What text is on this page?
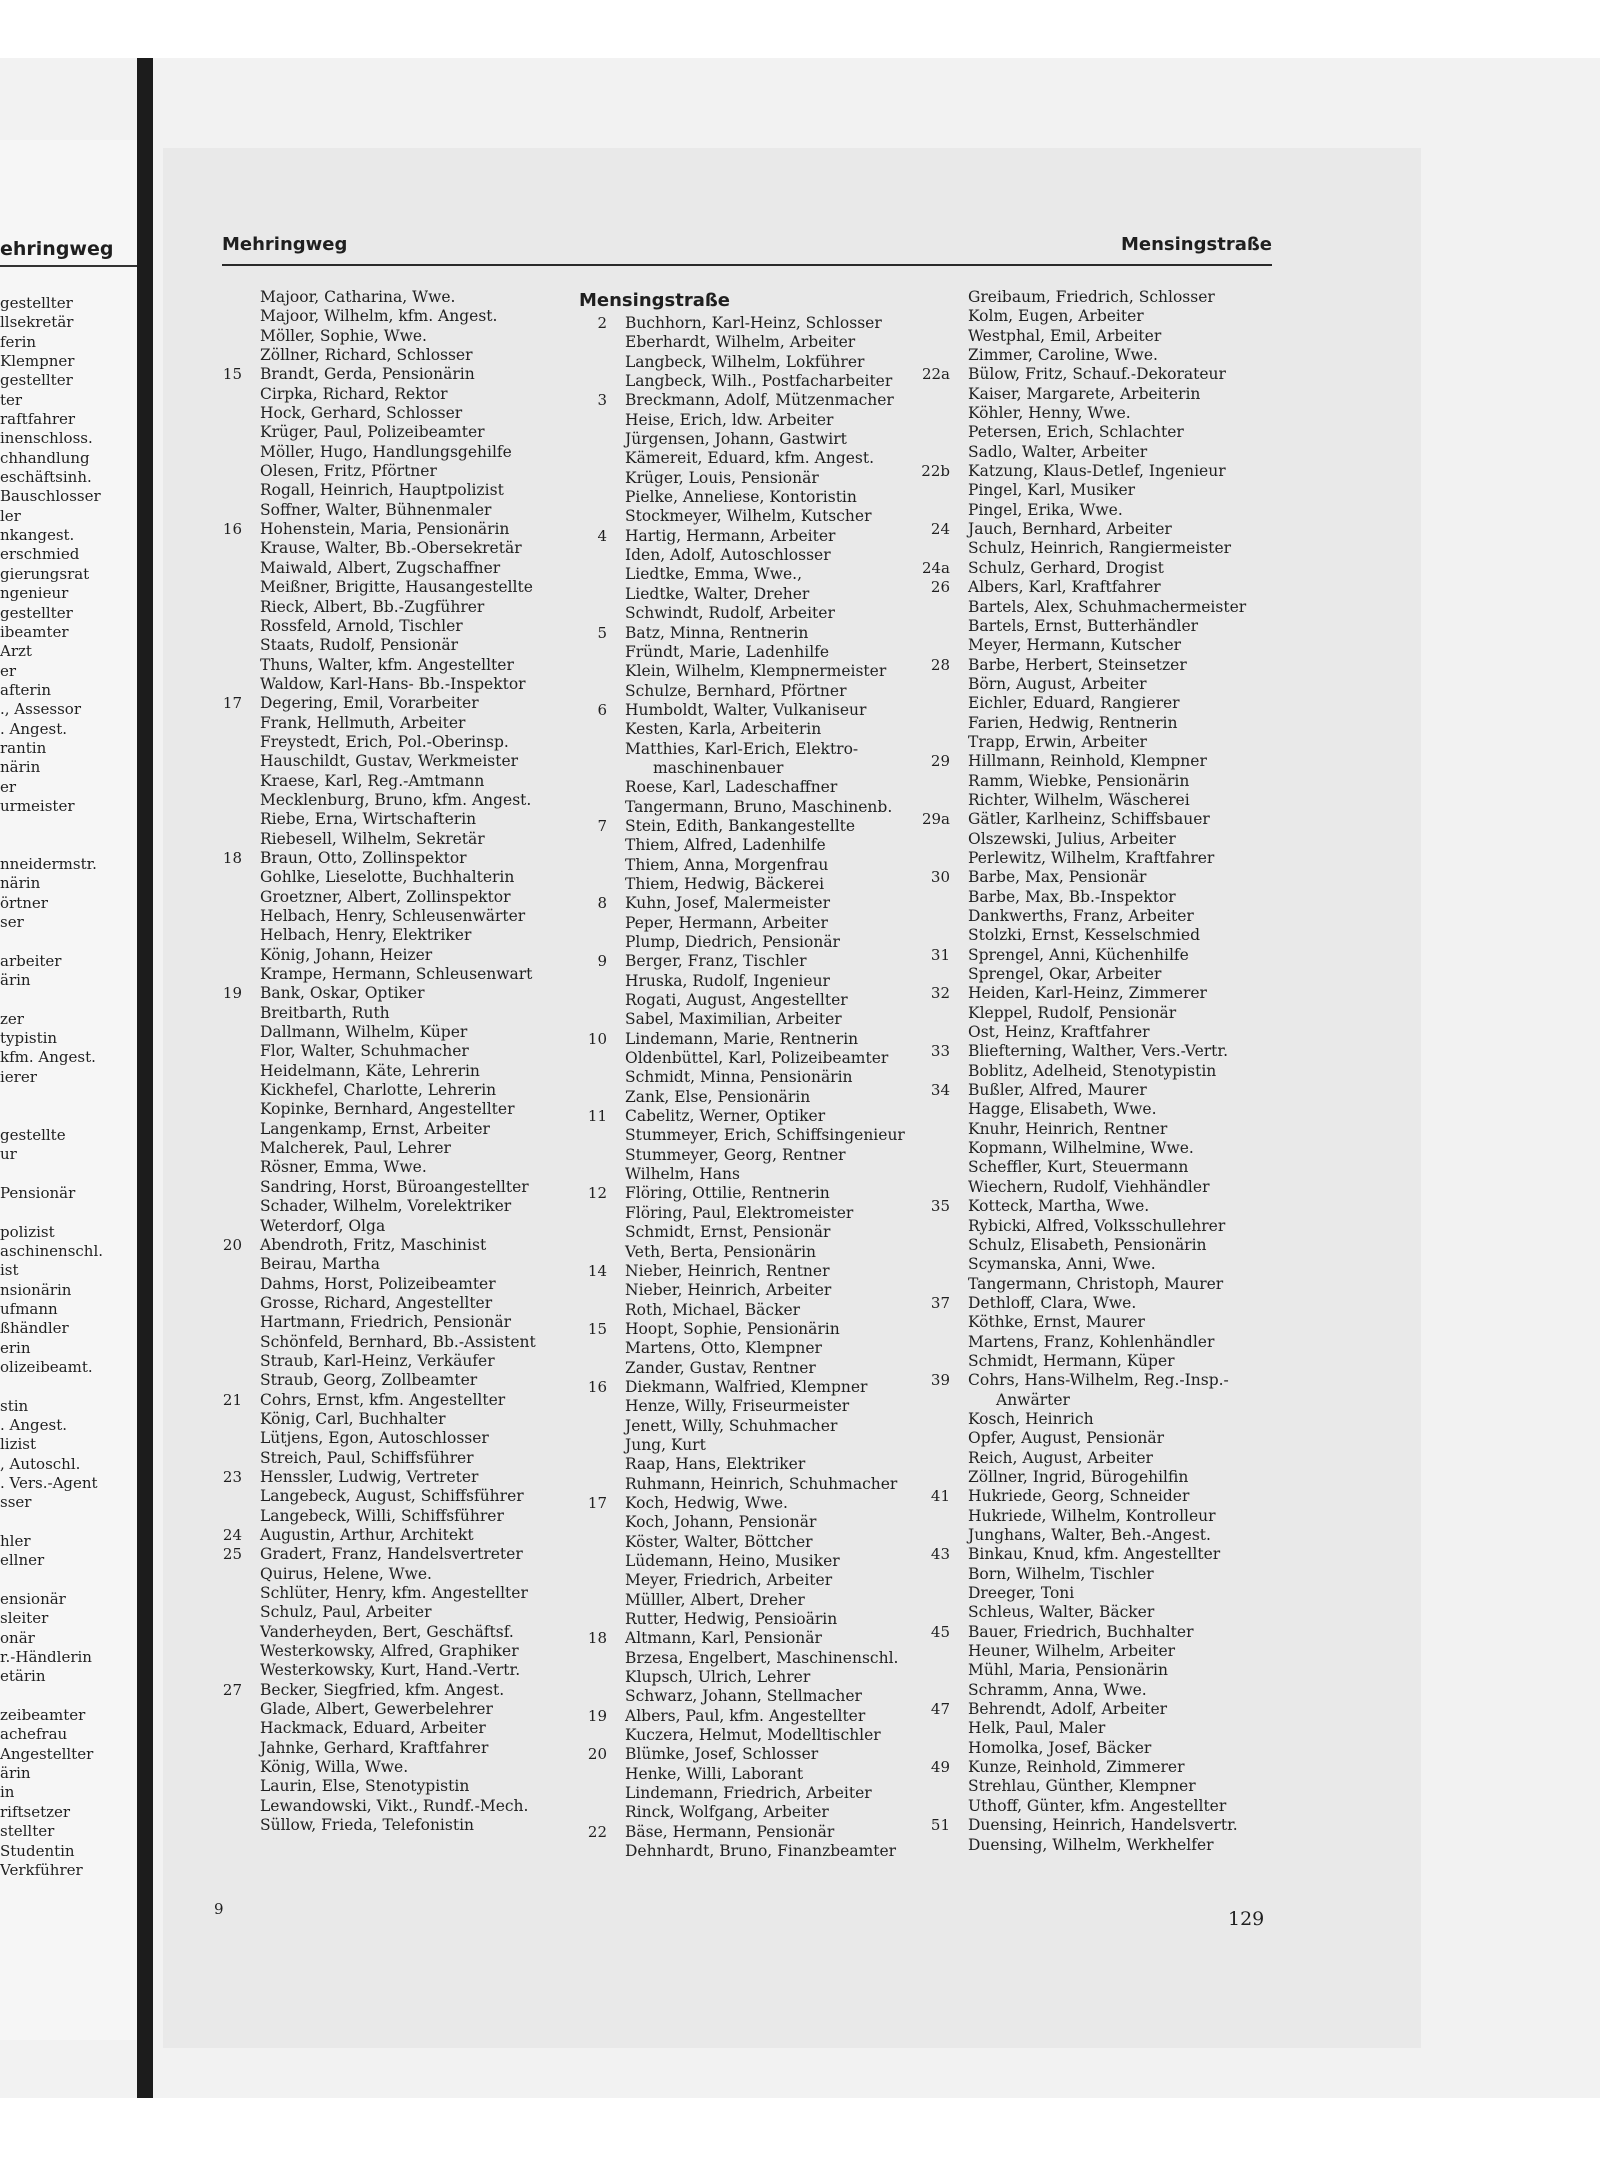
ehringweg
gestellter
llsekretär
ferin
Klempner
gestellter
ter
raftfahrer
inenschloss.
chhandlung
eschäftsinh.
Bauschlosser
ler
nkangest.
erschmied
gierungsrat
ngenieur
gestellter
ibeamter
Arzt
er
afterin
., Assessor
. Angest.
rantin
närin
er
urmeister
nneidermstr.
närin
örtner
ser
arbeiter
ärin
zer
typistin
kfm. Angest.
ierer
gestellte
ur
Pensionär
polizist
aschinenschl.
ist
nsionärin
ufmann
ßhändler
erin
olizeibeamt.
stin
. Angest.
lizist
, Autoschl.
. Vers.-Agent
sser
hler
ellner
ensionär
sleiter
onär
r.-Händlerin
etärin
zeibeamter
achefrau
Angestellter
ärin
in
riftsetzer
stellter
Studentin
Verkführer
Mehringweg	Mensingstraße
Majoor, Catharina, Wwe.
Majoor, Wilhelm, kfm. Angest.
Möller, Sophie, Wwe.
Zöllner, Richard, Schlosser
15 Brandt, Gerda, Pensionärin
Cirpka, Richard, Rektor
Hock, Gerhard, Schlosser
Krüger, Paul, Polizeibeamter
Möller, Hugo, Handlungsgehilfe
Olesen, Fritz, Pförtner
Rogall, Heinrich, Hauptpolizist
Soffner, Walter, Bühnenmaler
16 Hohenstein, Maria, Pensionärin
Krause, Walter, Bb.-Obersekretär
Maiwald, Albert, Zugschaffner
Meißner, Brigitte, Hausangestellte
Rieck, Albert, Bb.-Zugführer
Rossfeld, Arnold, Tischler
Staats, Rudolf, Pensionär
Thuns, Walter, kfm. Angestellter
Waldow, Karl-Hans- Bb.-Inspektor
17 Degering, Emil, Vorarbeiter
Frank, Hellmuth, Arbeiter
Freystedt, Erich, Pol.-Oberinsp.
Hauschildt, Gustav, Werkmeister
Kraese, Karl, Reg.-Amtmann
Mecklenburg, Bruno, kfm. Angest.
Riebe, Erna, Wirtschafterin
Riebesell, Wilhelm, Sekretär
18 Braun, Otto, Zollinspektor
Gohlke, Lieselotte, Buchhalterin
Groetzner, Albert, Zollinspektor
Helbach, Henry, Schleusenwärter
Helbach, Henry, Elektriker
König, Johann, Heizer
Krampe, Hermann, Schleusenwart
19 Bank, Oskar, Optiker
Breitbarth, Ruth
Dallmann, Wilhelm, Küper
Flor, Walter, Schuhmacher
Heidelmann, Käte, Lehrerin
Kickhefel, Charlotte, Lehrerin
Kopinke, Bernhard, Angestellter
Langenkamp, Ernst, Arbeiter
Malcherek, Paul, Lehrer
Rösner, Emma, Wwe.
Sandring, Horst, Büroangestellter
Schader, Wilhelm, Vorelektriker
Weterdorf, Olga
20 Abendroth, Fritz, Maschinist
Beirau, Martha
Dahms, Horst, Polizeibeamter
Grosse, Richard, Angestellter
Hartmann, Friedrich, Pensionär
Schönfeld, Bernhard, Bb.-Assistent
Straub, Karl-Heinz, Verkäufer
Straub, Georg, Zollbeamter
21 Cohrs, Ernst, kfm. Angestellter
König, Carl, Buchhalter
Lütjens, Egon, Autoschlosser
Streich, Paul, Schiffsführer
23 Henssler, Ludwig, Vertreter
Langebeck, August, Schiffsführer
Langebeck, Willi, Schiffsführer
24 Augustin, Arthur, Architekt
25 Gradert, Franz, Handelsvertreter
Quirus, Helene, Wwe.
Schlüter, Henry, kfm. Angestellter
Schulz, Paul, Arbeiter
Vanderheyden, Bert, Geschäftsf.
Westerkowsky, Alfred, Graphiker
Westerkowsky, Kurt, Hand.-Vertr.
27 Becker, Siegfried, kfm. Angest.
Glade, Albert, Gewerbelehrer
Hackmack, Eduard, Arbeiter
Jahnke, Gerhard, Kraftfahrer
König, Willa, Wwe.
Laurin, Else, Stenotypistin
Lewandowski, Vikt., Rundf.-Mech.
Süllow, Frieda, Telefonistin
Mensingstraße
2 Buchhorn, Karl-Heinz, Schlosser
Eberhardt, Wilhelm, Arbeiter
Langbeck, Wilhelm, Lokführer
Langbeck, Wilh., Postfacharbeiter
3 Breckmann, Adolf, Mützenmacher
Heise, Erich, ldw. Arbeiter
Jürgensen, Johann, Gastwirt
Kämereit, Eduard, kfm. Angest.
Krüger, Louis, Pensionär
Pielke, Anneliese, Kontoristin
Stockmeyer, Wilhelm, Kutscher
4 Hartig, Hermann, Arbeiter
Iden, Adolf, Autoschlosser
Liedtke, Emma, Wwe.,
Liedtke, Walter, Dreher
Schwindt, Rudolf, Arbeiter
5 Batz, Minna, Rentnerin
Fründt, Marie, Ladenhilfe
Klein, Wilhelm, Klempnermeister
Schulze, Bernhard, Pförtner
6 Humboldt, Walter, Vulkaniseur
Kesten, Karla, Arbeiterin
Matthies, Karl-Erich, Elektro-
maschinenbauer
Roese, Karl, Ladeschaffner
Tangermann, Bruno, Maschinenb.
7 Stein, Edith, Bankangestellte
Thiem, Alfred, Ladenhilfe
Thiem, Anna, Morgenfrau
Thiem, Hedwig, Bäckerei
8 Kuhn, Josef, Malermeister
Peper, Hermann, Arbeiter
Plump, Diedrich, Pensionär
9 Berger, Franz, Tischler
Hruska, Rudolf, Ingenieur
Rogati, August, Angestellter
Sabel, Maximilian, Arbeiter
10 Lindemann, Marie, Rentnerin
Oldenbüttel, Karl, Polizeibeamter
Schmidt, Minna, Pensionärin
Zank, Else, Pensionärin
11 Cabelitz, Werner, Optiker
Stummeyer, Erich, Schiffsingenieur
Stummeyer, Georg, Rentner
Wilhelm, Hans
12 Flöring, Ottilie, Rentnerin
Flöring, Paul, Elektromeister
Schmidt, Ernst, Pensionär
Veth, Berta, Pensionärin
14 Nieber, Heinrich, Rentner
Nieber, Heinrich, Arbeiter
Roth, Michael, Bäcker
15 Hoopt, Sophie, Pensionärin
Martens, Otto, Klempner
Zander, Gustav, Rentner
16 Diekmann, Walfried, Klempner
Henze, Willy, Friseurmeister
Jenett, Willy, Schuhmacher
Jung, Kurt
Raap, Hans, Elektriker
Ruhmann, Heinrich, Schuhmacher
17 Koch, Hedwig, Wwe.
Koch, Johann, Pensionär
Köster, Walter, Böttcher
Lüdemann, Heino, Musiker
Meyer, Friedrich, Arbeiter
Mülller, Albert, Dreher
Rutter, Hedwig, Pensioärin
18 Altmann, Karl, Pensionär
Brzesa, Engelbert, Maschinenschl.
Klupsch, Ulrich, Lehrer
Schwarz, Johann, Stellmacher
19 Albers, Paul, kfm. Angestellter
Kuczera, Helmut, Modelltischler
20 Blümke, Josef, Schlosser
Henke, Willi, Laborant
Lindemann, Friedrich, Arbeiter
Rinck, Wolfgang, Arbeiter
22 Bäse, Hermann, Pensionär
Dehnhardt, Bruno, Finanzbeamter
Greibaum, Friedrich, Schlosser
Kolm, Eugen, Arbeiter
Westphal, Emil, Arbeiter
Zimmer, Caroline, Wwe.
22a Bülow, Fritz, Schauf.-Dekorateur
Kaiser, Margarete, Arbeiterin
Köhler, Henny, Wwe.
Petersen, Erich, Schlachter
Sadlo, Walter, Arbeiter
22b Katzung, Klaus-Detlef, Ingenieur
Pingel, Karl, Musiker
Pingel, Erika, Wwe.
24 Jauch, Bernhard, Arbeiter
Schulz, Heinrich, Rangiermeister
24a Schulz, Gerhard, Drogist
26 Albers, Karl, Kraftfahrer
Bartels, Alex, Schuhmachermeister
Bartels, Ernst, Butterhändler
Meyer, Hermann, Kutscher
28 Barbe, Herbert, Steinsetzer
Börn, August, Arbeiter
Eichler, Eduard, Rangierer
Farien, Hedwig, Rentnerin
Trapp, Erwin, Arbeiter
29 Hillmann, Reinhold, Klempner
Ramm, Wiebke, Pensionärin
Richter, Wilhelm, Wäscherei
29a Gätler, Karlheinz, Schiffsbauer
Olszewski, Julius, Arbeiter
Perlewitz, Wilhelm, Kraftfahrer
30 Barbe, Max, Pensionär
Barbe, Max, Bb.-Inspektor
Dankwerths, Franz, Arbeiter
Stolzki, Ernst, Kesselschmied
31 Sprengel, Anni, Küchenhilfe
Sprengel, Okar, Arbeiter
32 Heiden, Karl-Heinz, Zimmerer
Kleppel, Rudolf, Pensionär
Ost, Heinz, Kraftfahrer
33 Bliefterning, Walther, Vers.-Vertr.
Boblitz, Adelheid, Stenotypistin
34 Bußler, Alfred, Maurer
Hagge, Elisabeth, Wwe.
Knuhr, Heinrich, Rentner
Kopmann, Wilhelmine, Wwe.
Scheffler, Kurt, Steuermann
Wiechern, Rudolf, Viehhändler
35 Kotteck, Martha, Wwe.
Rybicki, Alfred, Volksschullehrer
Schulz, Elisabeth, Pensionärin
Scymanska, Anni, Wwe.
Tangermann, Christoph, Maurer
37 Dethloff, Clara, Wwe.
Köthke, Ernst, Maurer
Martens, Franz, Kohlenhändler
Schmidt, Hermann, Küper
39 Cohrs, Hans-Wilhelm, Reg.-Insp.-
Anwärter
Kosch, Heinrich
Opfer, August, Pensionär
Reich, August, Arbeiter
Zöllner, Ingrid, Bürogehilfin
41 Hukriede, Georg, Schneider
Hukriede, Wilhelm, Kontrolleur
Junghans, Walter, Beh.-Angest.
43 Binkau, Knud, kfm. Angestellter
Born, Wilhelm, Tischler
Dreeger, Toni
Schleus, Walter, Bäcker
45 Bauer, Friedrich, Buchhalter
Heuner, Wilhelm, Arbeiter
Mühl, Maria, Pensionärin
Schramm, Anna, Wwe.
47 Behrendt, Adolf, Arbeiter
Helk, Paul, Maler
Homolka, Josef, Bäcker
49 Kunze, Reinhold, Zimmerer
Strehlau, Günther, Klempner
Uthoff, Günter, kfm. Angestellter
51 Duensing, Heinrich, Handelsvertr.
Duensing, Wilhelm, Werkhelfer
9	129
